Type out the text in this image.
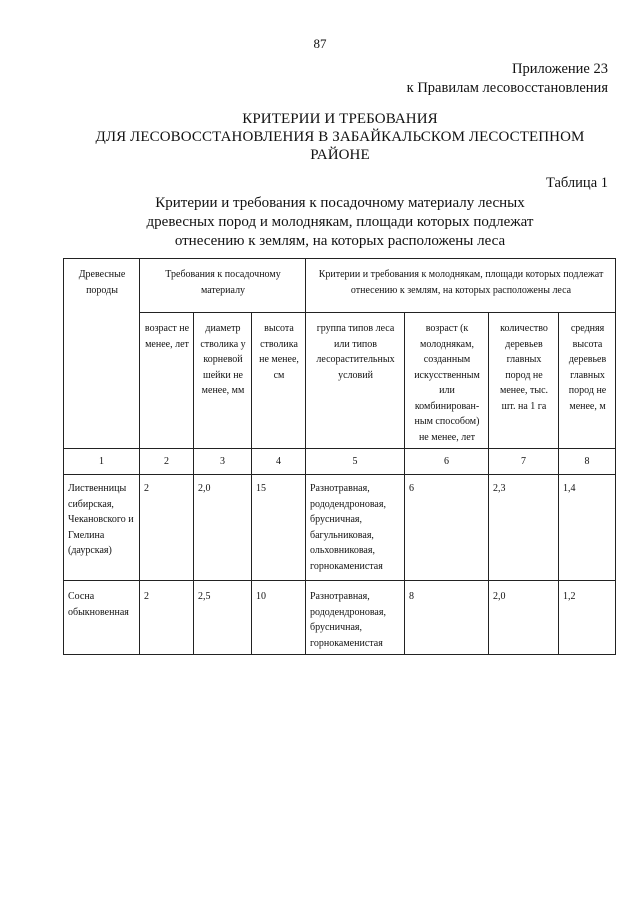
87
Приложение 23
к Правилам лесовосстановления
КРИТЕРИИ И ТРЕБОВАНИЯ
ДЛЯ ЛЕСОВОССТАНОВЛЕНИЯ В ЗАБАЙКАЛЬСКОМ ЛЕСОСТЕПНОМ
РАЙОНЕ
Таблица 1
Критерии и требования к посадочному материалу лесных
древесных пород и молоднякам, площади которых подлежат
отнесению к землям, на которых расположены леса
Древесные породы	Требования к посадочному материалу			Критерии и требования к молоднякам, площади которых подлежат отнесению к землям, на которых расположены леса			
	возраст не менее, лет	диаметр стволика у корневой шейки не менее, мм	высота стволика не менее, см	группа типов леса или типов лесорастительных условий	возраст (к молоднякам, созданным искусственным или комбинирован-ным способом) не менее, лет	количество деревьев главных пород не менее, тыс. шт. на 1 га	средняя высота деревьев главных пород не менее, м
1	2	3	4	5	6	7	8
Лиственницы сибирская, Чекановского и Гмелина (даурская)	2	2,0	15	Разнотравная, рододендроновая, брусничная, багульниковая, ольховниковая, горнокаменистая	6	2,3	1,4
Сосна обыкновенная	2	2,5	10	Разнотравная, рододендроновая, брусничная, горнокаменистая	8	2,0	1,2
